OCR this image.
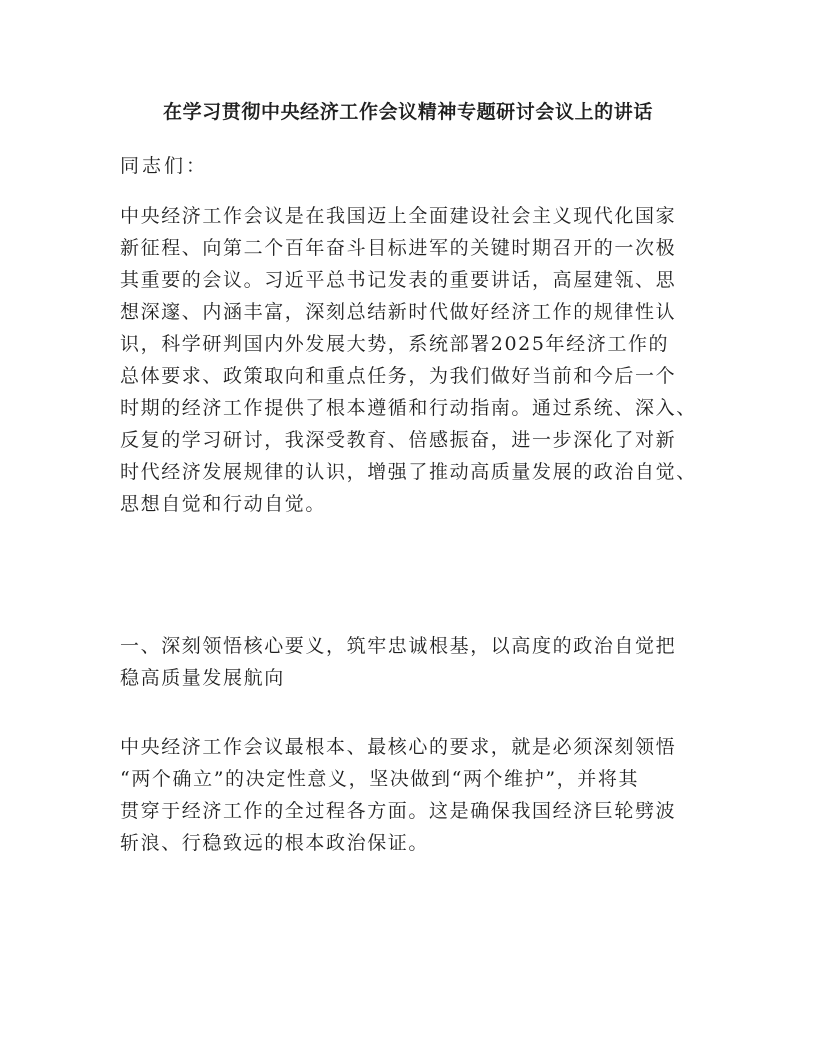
在学习贯彻中央经济工作会议精神专题研讨会议上的讲话

同志们：

中央经济工作会议是在我国迈上全面建设社会主义现代化国家
新征程、向第二个百年奋斗目标进军的关键时期召开的一次极
其重要的会议。习近平总书记发表的重要讲话，高屋建瓴、思
想深邃、内涵丰富，深刻总结新时代做好经济工作的规律性认
识，科学研判国内外发展大势，系统部署2025年经济工作的
总体要求、政策取向和重点任务，为我们做好当前和今后一个
时期的经济工作提供了根本遵循和行动指南。通过系统、深入、
反复的学习研讨，我深受教育、倍感振奋，进一步深化了对新
时代经济发展规律的认识，增强了推动高质量发展的政治自觉、
思想自觉和行动自觉。
一、深刻领悟核心要义，筑牢忠诚根基，以高度的政治自觉把
稳高质量发展航向
中央经济工作会议最根本、最核心的要求，就是必须深刻领悟
“两个确立”的决定性意义，坚决做到“两个维护”，并将其
贯穿于经济工作的全过程各方面。这是确保我国经济巨轮劈波
斩浪、行稳致远的根本政治保证。
